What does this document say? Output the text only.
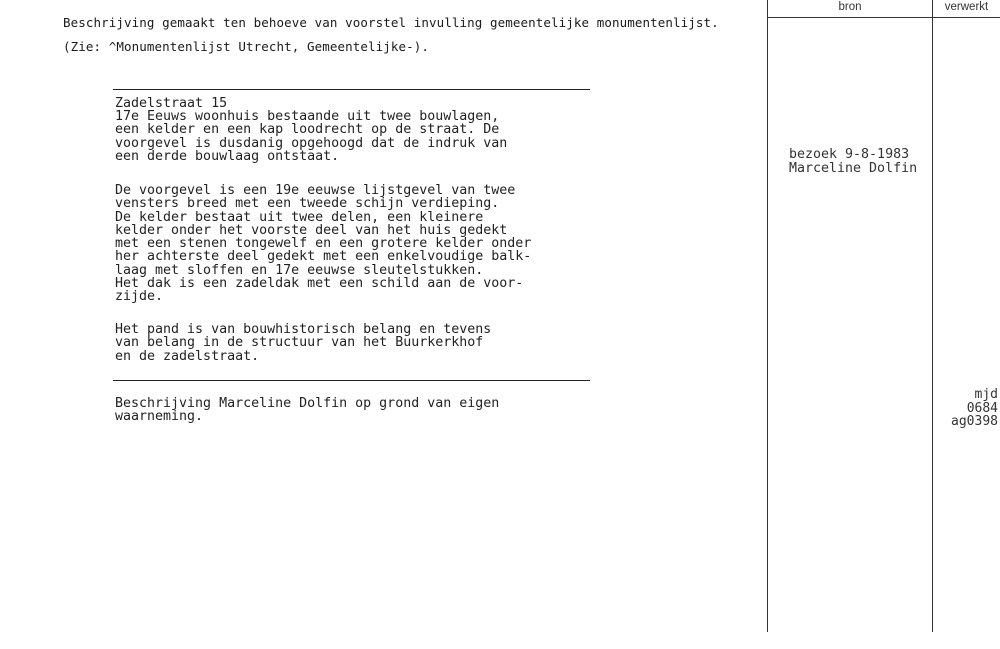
Beschrijving gemaakt ten behoeve van voorstel invulling gemeentelijke monumentenlijst.
(Zie: ^Monumentenlijst Utrecht, Gemeentelijke-).
bron	verwerkt
Zadelstraat 15
17e Eeuws woonhuis bestaande uit twee bouwlagen,
een kelder en een kap loodrecht op de straat. De
voorgevel is dusdanig opgehoogd dat de indruk van
een derde bouwlaag ontstaat.
De voorgevel is een 19e eeuwse lijstgevel van twee
vensters breed met een tweede schijn verdieping.
De kelder bestaat uit twee delen, een kleinere
kelder onder het voorste deel van het huis gedekt
met een stenen tongewelf en een grotere kelder onder
her achterste deel gedekt met een enkelvoudige balk-
laag met sloffen en 17e eeuwse sleutelstukken.
Het dak is een zadeldak met een schild aan de voor-
zijde.
Het pand is van bouwhistorisch belang en tevens
van belang in de structuur van het Buurkerkhof
en de zadelstraat.
Beschrijving Marceline Dolfin op grond van eigen
waarneming.
bezoek 9-8-1983
Marceline Dolfin
mjd
0684
ag0398
